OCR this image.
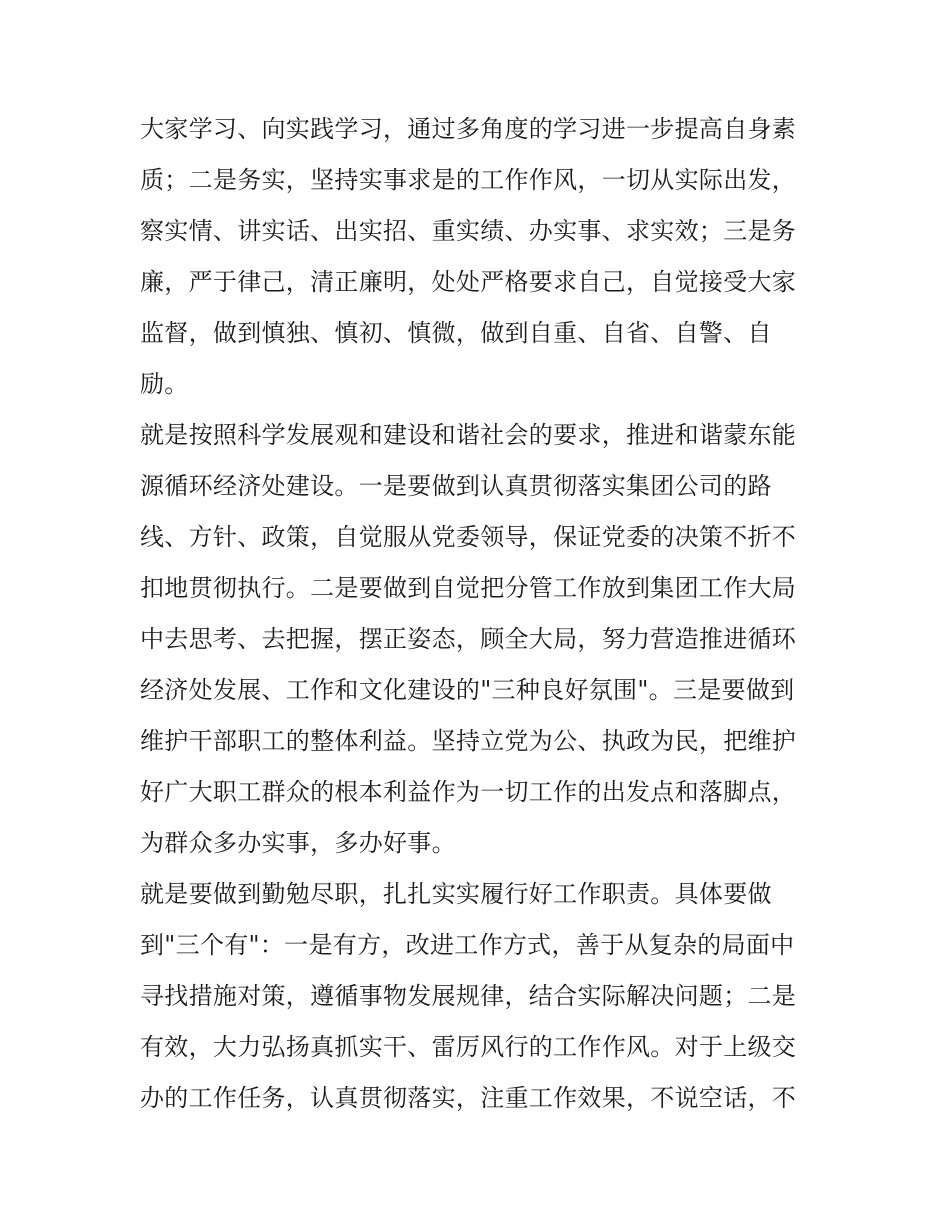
大家学习、向实践学习，通过多角度的学习进一步提高自身素
质；二是务实，坚持实事求是的工作作风，一切从实际出发，
察实情、讲实话、出实招、重实绩、办实事、求实效；三是务
廉，严于律己，清正廉明，处处严格要求自己，自觉接受大家
监督，做到慎独、慎初、慎微，做到自重、自省、自警、自
励。
就是按照科学发展观和建设和谐社会的要求，推进和谐蒙东能
源循环经济处建设。一是要做到认真贯彻落实集团公司的路
线、方针、政策，自觉服从党委领导，保证党委的决策不折不
扣地贯彻执行。二是要做到自觉把分管工作放到集团工作大局
中去思考、去把握，摆正姿态，顾全大局，努力营造推进循环
经济处发展、工作和文化建设的"三种良好氛围"。三是要做到
维护干部职工的整体利益。坚持立党为公、执政为民，把维护
好广大职工群众的根本利益作为一切工作的出发点和落脚点，
为群众多办实事，多办好事。
就是要做到勤勉尽职，扎扎实实履行好工作职责。具体要做
到"三个有"：一是有方，改进工作方式，善于从复杂的局面中
寻找措施对策，遵循事物发展规律，结合实际解决问题；二是
有效，大力弘扬真抓实干、雷厉风行的工作作风。对于上级交
办的工作任务，认真贯彻落实，注重工作效果，不说空话，不
